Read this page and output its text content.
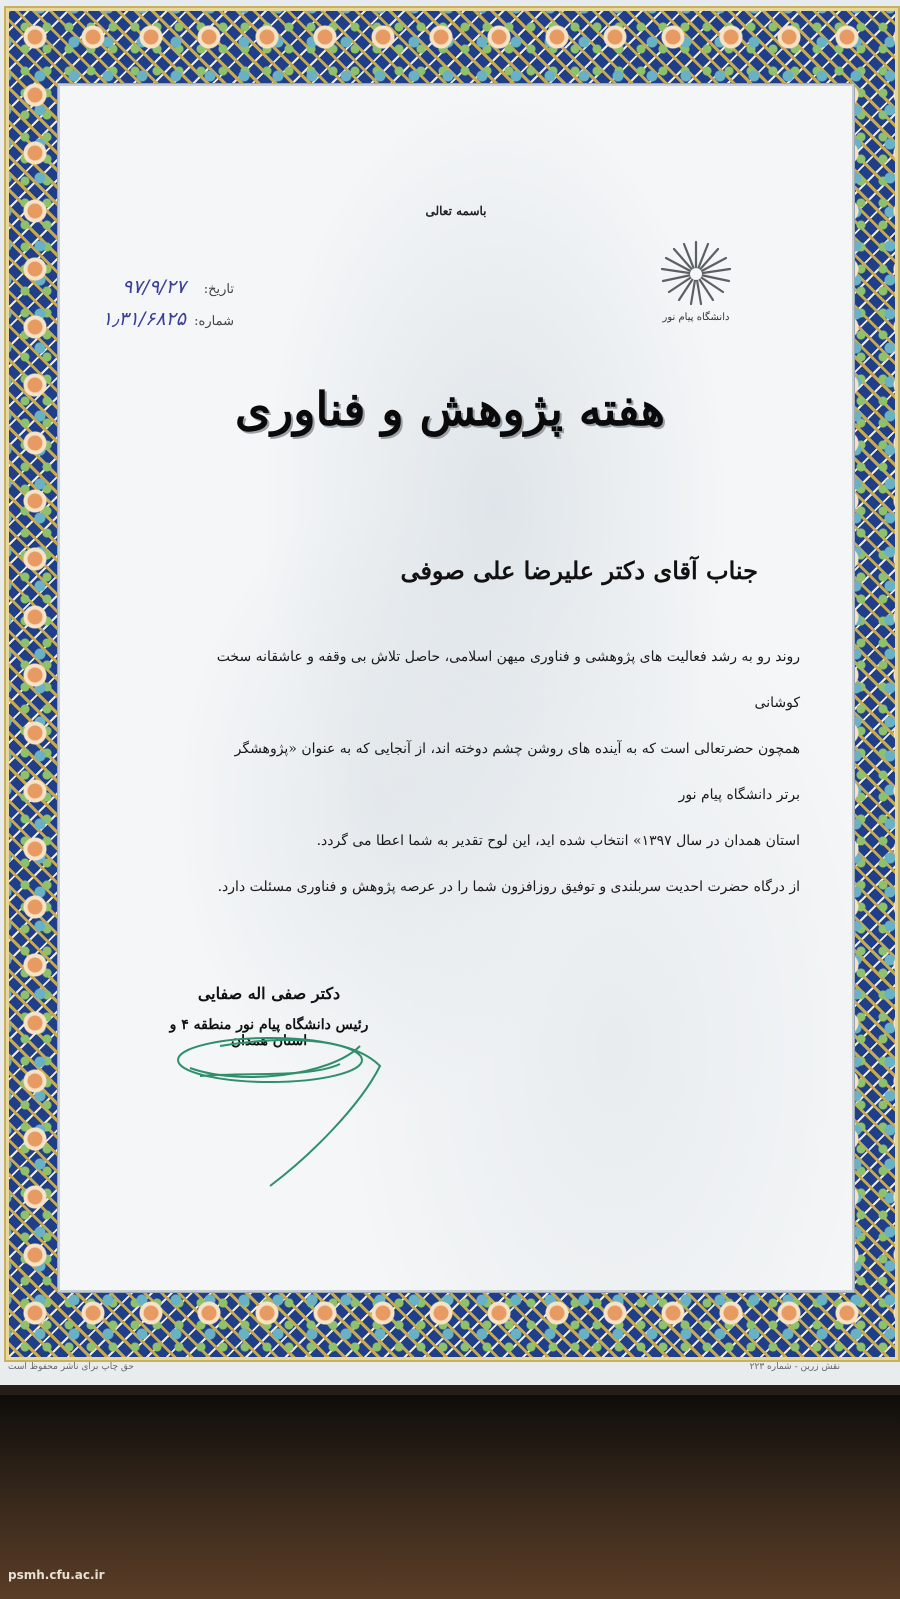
باسمه تعالی
دانشگاه پیام نور
تاریخ:
۹۷/۹/۲۷
شماره:
۱٫۳۱/۶۸۲۵
هفته پژوهش و فناوری
جناب آقای دکتر علیرضا علی صوفی

روند رو به رشد فعالیت های پژوهشی و فناوری میهن اسلامی، حاصل تلاش بی وقفه و عاشقانه سخت کوشانی

همچون حضرتعالی است که به آینده های روشن چشم دوخته اند، از آنجایی که به عنوان «پژوهشگر برتر دانشگاه پیام نور

استان همدان در سال ۱۳۹۷» انتخاب شده اید، این لوح تقدیر به شما اعطا می گردد.

از درگاه حضرت احدیت سربلندی و توفیق روزافزون شما را در عرصه پژوهش و فناوری مسئلت دارد.

دکتر صفی اله صفایی
رئیس دانشگاه پیام نور منطقه ۴ و استان همدان
حق چاپ برای ناشر محفوظ است	نقش زرین - شماره ۲۲۳
psmh.cfu.ac.ir
